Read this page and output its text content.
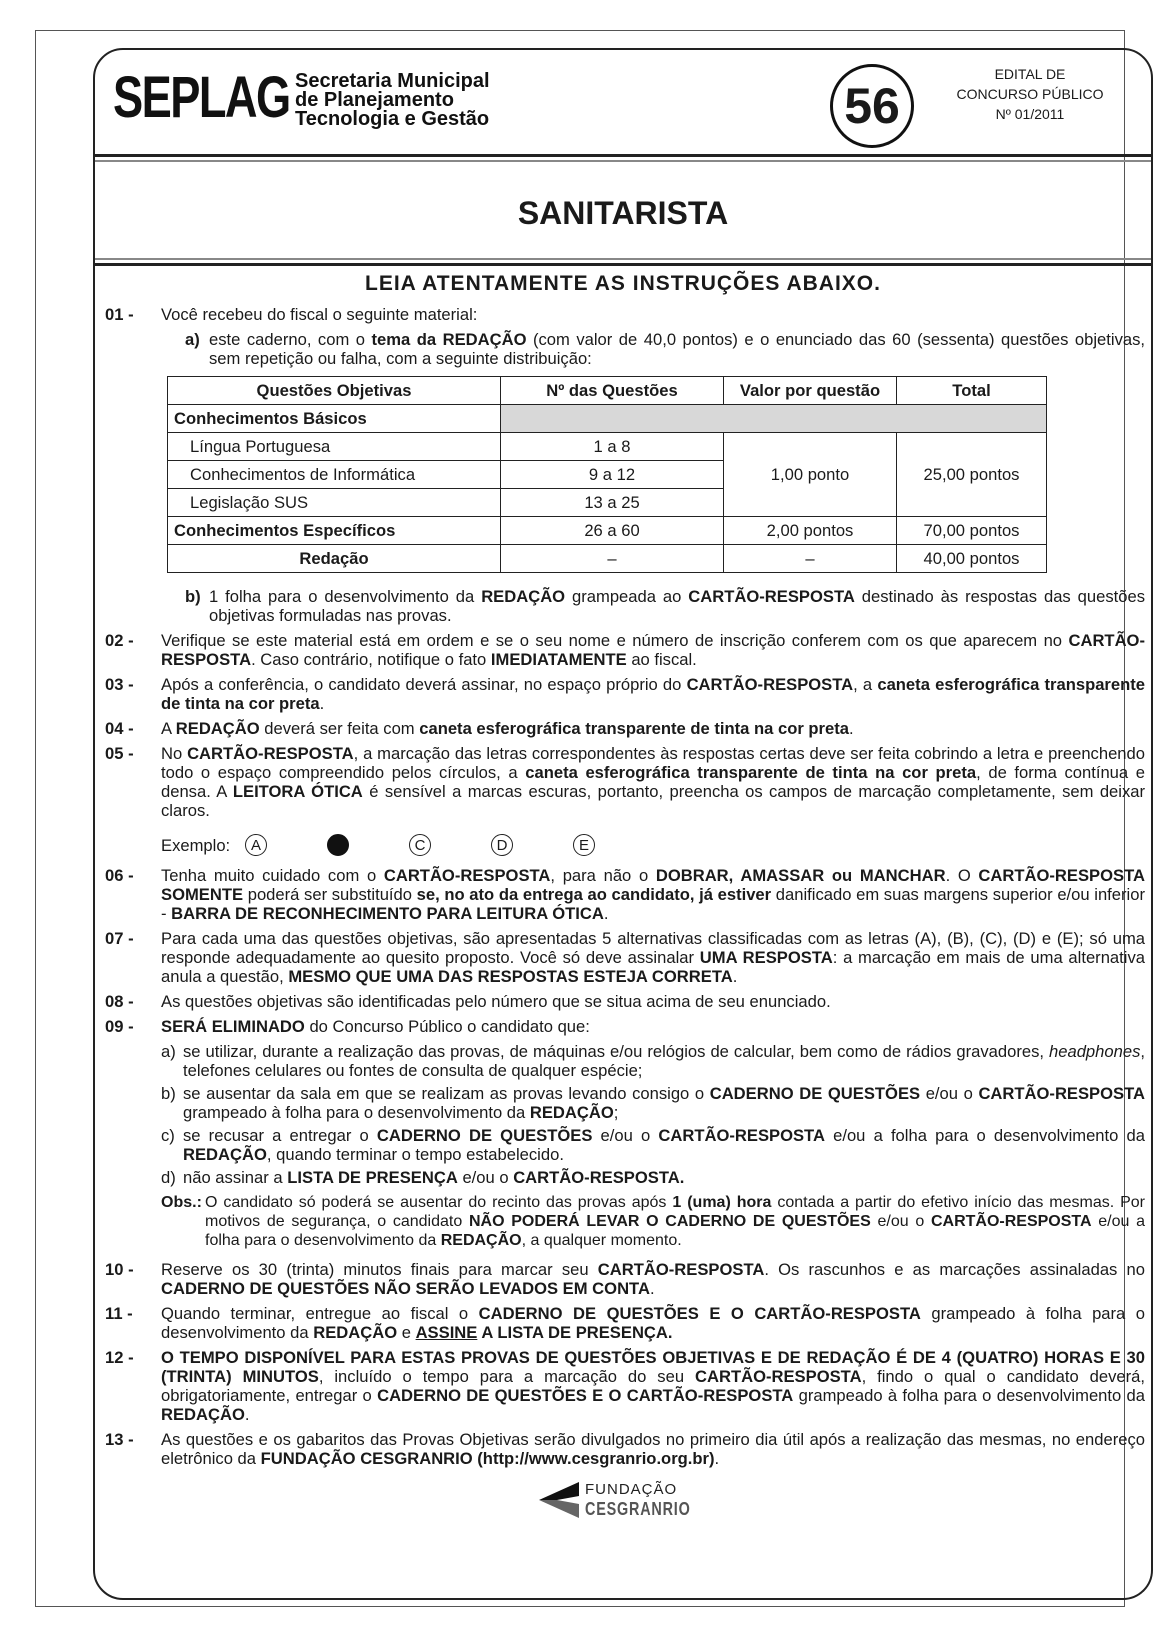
SEPLAG Secretaria Municipal
de Planejamento
Tecnologia e Gestão	56
EDITAL DE
CONCURSO PÚBLICO
Nº 01/2011
SANITARISTA
LEIA ATENTAMENTE AS INSTRUÇÕES ABAIXO.
01 - Você recebeu do fiscal o seguinte material:
a) este caderno, com o tema da REDAÇÃO (com valor de 40,0 pontos) e o enunciado das 60 (sessenta) questões objetivas, sem repetição ou falha, com a seguinte distribuição:
Questões Objetivas	Nº das Questões	Valor por questão	Total
Conhecimentos Básicos			
Língua Portuguesa	1 a 8	1,00 ponto	25,00 pontos
Conhecimentos de Informática	9 a 12		
Legislação SUS	13 a 25		
Conhecimentos Específicos	26 a 60	2,00 pontos	70,00 pontos
Redação	–	–	40,00 pontos
b) 1 folha para o desenvolvimento da REDAÇÃO grampeada ao CARTÃO-RESPOSTA destinado às respostas das questões objetivas formuladas nas provas.
02 - Verifique se este material está em ordem e se o seu nome e número de inscrição conferem com os que aparecem no CARTÃO-RESPOSTA. Caso contrário, notifique o fato IMEDIATAMENTE ao fiscal.
03 - Após a conferência, o candidato deverá assinar, no espaço próprio do CARTÃO-RESPOSTA, a caneta esferográfica transparente de tinta na cor preta.
04 - A REDAÇÃO deverá ser feita com caneta esferográfica transparente de tinta na cor preta.
05 - No CARTÃO-RESPOSTA, a marcação das letras correspondentes às respostas certas deve ser feita cobrindo a letra e preenchendo todo o espaço compreendido pelos círculos, a caneta esferográfica transparente de tinta na cor preta, de forma contínua e densa. A LEITORA ÓTICA é sensível a marcas escuras, portanto, preencha os campos de marcação completamente, sem deixar claros.
Exemplo:	A	C	D	E
06 - Tenha muito cuidado com o CARTÃO-RESPOSTA, para não o DOBRAR, AMASSAR ou MANCHAR. O CARTÃO-RESPOSTA SOMENTE poderá ser substituído se, no ato da entrega ao candidato, já estiver danificado em suas margens superior e/ou inferior - BARRA DE RECONHECIMENTO PARA LEITURA ÓTICA.
07 - Para cada uma das questões objetivas, são apresentadas 5 alternativas classificadas com as letras (A), (B), (C), (D) e (E); só uma responde adequadamente ao quesito proposto. Você só deve assinalar UMA RESPOSTA: a marcação em mais de uma alternativa anula a questão, MESMO QUE UMA DAS RESPOSTAS ESTEJA CORRETA.
08 - As questões objetivas são identificadas pelo número que se situa acima de seu enunciado.
09 - SERÁ ELIMINADO do Concurso Público o candidato que:
a) se utilizar, durante a realização das provas, de máquinas e/ou relógios de calcular, bem como de rádios gravadores, headphones, telefones celulares ou fontes de consulta de qualquer espécie;
b) se ausentar da sala em que se realizam as provas levando consigo o CADERNO DE QUESTÕES e/ou o CARTÃO-RESPOSTA grampeado à folha para o desenvolvimento da REDAÇÃO;
c) se recusar a entregar o CADERNO DE QUESTÕES e/ou o CARTÃO-RESPOSTA e/ou a folha para o desenvolvimento da REDAÇÃO, quando terminar o tempo estabelecido.
d) não assinar a LISTA DE PRESENÇA e/ou o CARTÃO-RESPOSTA.
Obs.: O candidato só poderá se ausentar do recinto das provas após 1 (uma) hora contada a partir do efetivo início das mesmas. Por motivos de segurança, o candidato NÃO PODERÁ LEVAR O CADERNO DE QUESTÕES e/ou o CARTÃO-RESPOSTA e/ou a folha para o desenvolvimento da REDAÇÃO, a qualquer momento.
10 - Reserve os 30 (trinta) minutos finais para marcar seu CARTÃO-RESPOSTA. Os rascunhos e as marcações assinaladas no CADERNO DE QUESTÕES NÃO SERÃO LEVADOS EM CONTA.
11 - Quando terminar, entregue ao fiscal o CADERNO DE QUESTÕES E O CARTÃO-RESPOSTA grampeado à folha para o desenvolvimento da REDAÇÃO e ASSINE A LISTA DE PRESENÇA.
12 - O TEMPO DISPONÍVEL PARA ESTAS PROVAS DE QUESTÕES OBJETIVAS E DE REDAÇÃO É DE 4 (QUATRO) HORAS E 30 (TRINTA) MINUTOS, incluído o tempo para a marcação do seu CARTÃO-RESPOSTA, findo o qual o candidato deverá, obrigatoriamente, entregar o CADERNO DE QUESTÕES E O CARTÃO-RESPOSTA grampeado à folha para o desenvolvimento da REDAÇÃO.
13 - As questões e os gabaritos das Provas Objetivas serão divulgados no primeiro dia útil após a realização das mesmas, no endereço eletrônico da FUNDAÇÃO CESGRANRIO (http://www.cesgranrio.org.br).
FUNDAÇÃO
CESGRANRIO
